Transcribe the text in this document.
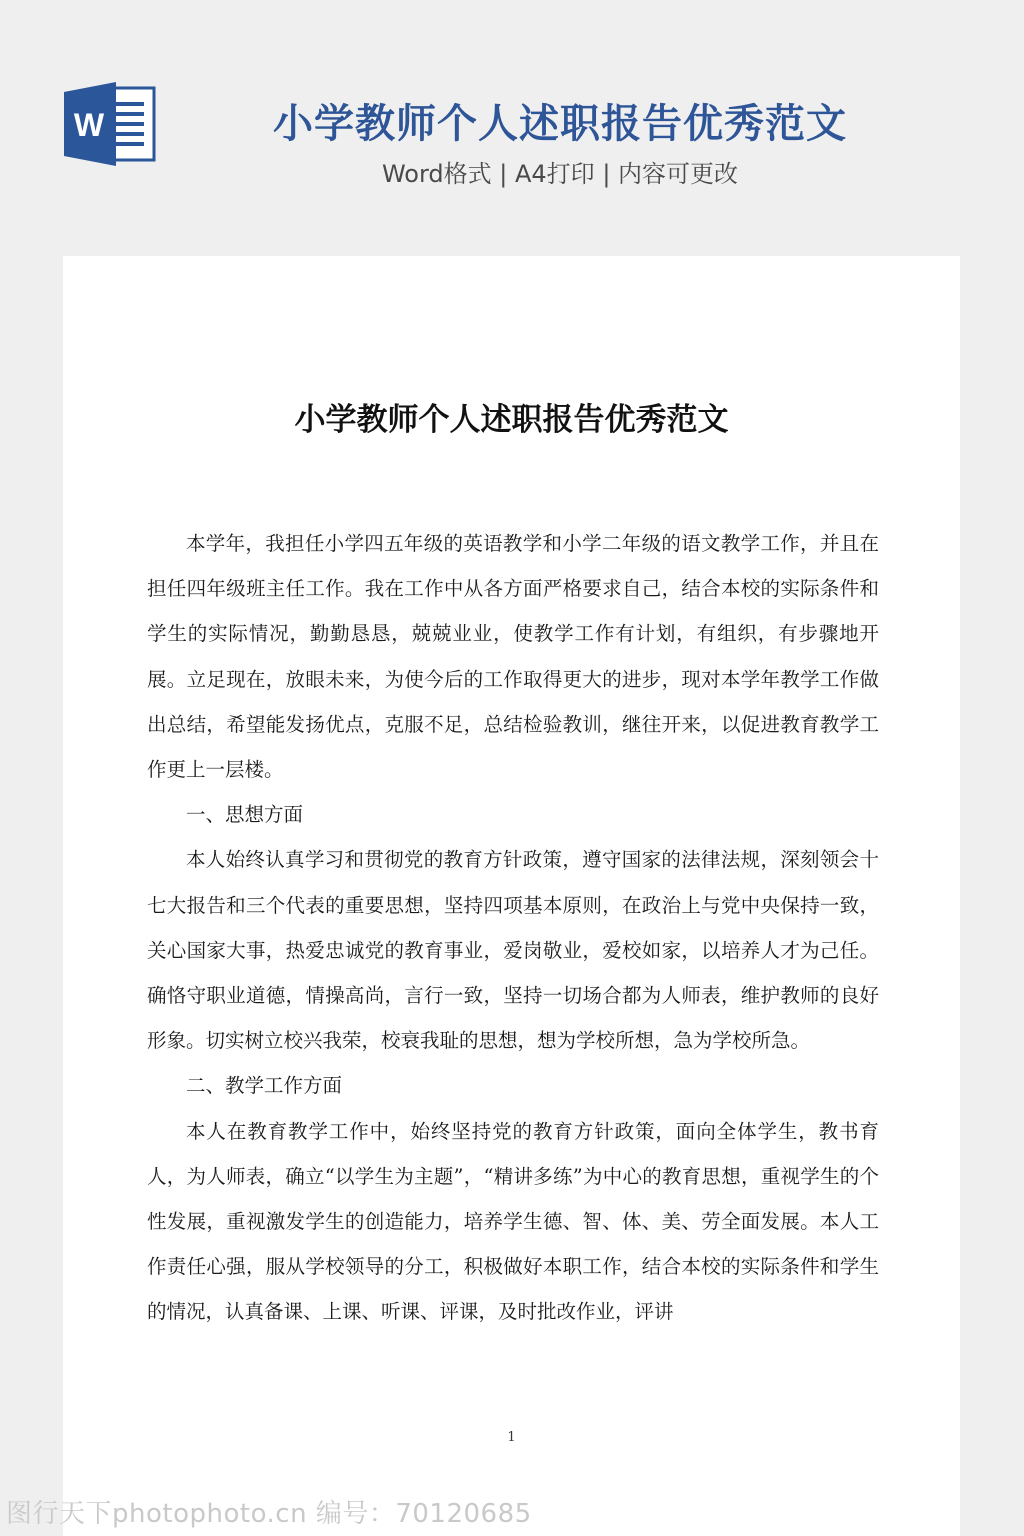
W	小学教师个人述职报告优秀范文
Word格式 | A4打印 | 内容可更改
小学教师个人述职报告优秀范文

本学年，我担任小学四五年级的英语教学和小学二年级的语文教学工作，并且在担任四年级班主任工作。我在工作中从各方面严格要求自己，结合本校的实际条件和学生的实际情况，勤勤恳恳，兢兢业业，使教学工作有计划，有组织，有步骤地开展。立足现在，放眼未来，为使今后的工作取得更大的进步，现对本学年教学工作做出总结，希望能发扬优点，克服不足，总结检验教训，继往开来，以促进教育教学工作更上一层楼。

一、思想方面

本人始终认真学习和贯彻党的教育方针政策，遵守国家的法律法规，深刻领会十七大报告和三个代表的重要思想，坚持四项基本原则，在政治上与党中央保持一致，关心国家大事，热爱忠诚党的教育事业，爱岗敬业，爱校如家，以培养人才为己任。确恪守职业道德，情操高尚，言行一致，坚持一切场合都为人师表，维护教师的良好形象。切实树立校兴我荣，校衰我耻的思想，想为学校所想，急为学校所急。

二、教学工作方面

本人在教育教学工作中，始终坚持党的教育方针政策，面向全体学生，教书育人，为人师表，确立“以学生为主题”，“精讲多练”为中心的教育思想，重视学生的个性发展，重视激发学生的创造能力，培养学生德、智、体、美、劳全面发展。本人工作责任心强，服从学校领导的分工，积极做好本职工作，结合本校的实际条件和学生的情况，认真备课、上课、听课、评课，及时批改作业，评讲

1
图行天下photophoto.cn 编号：70120685
